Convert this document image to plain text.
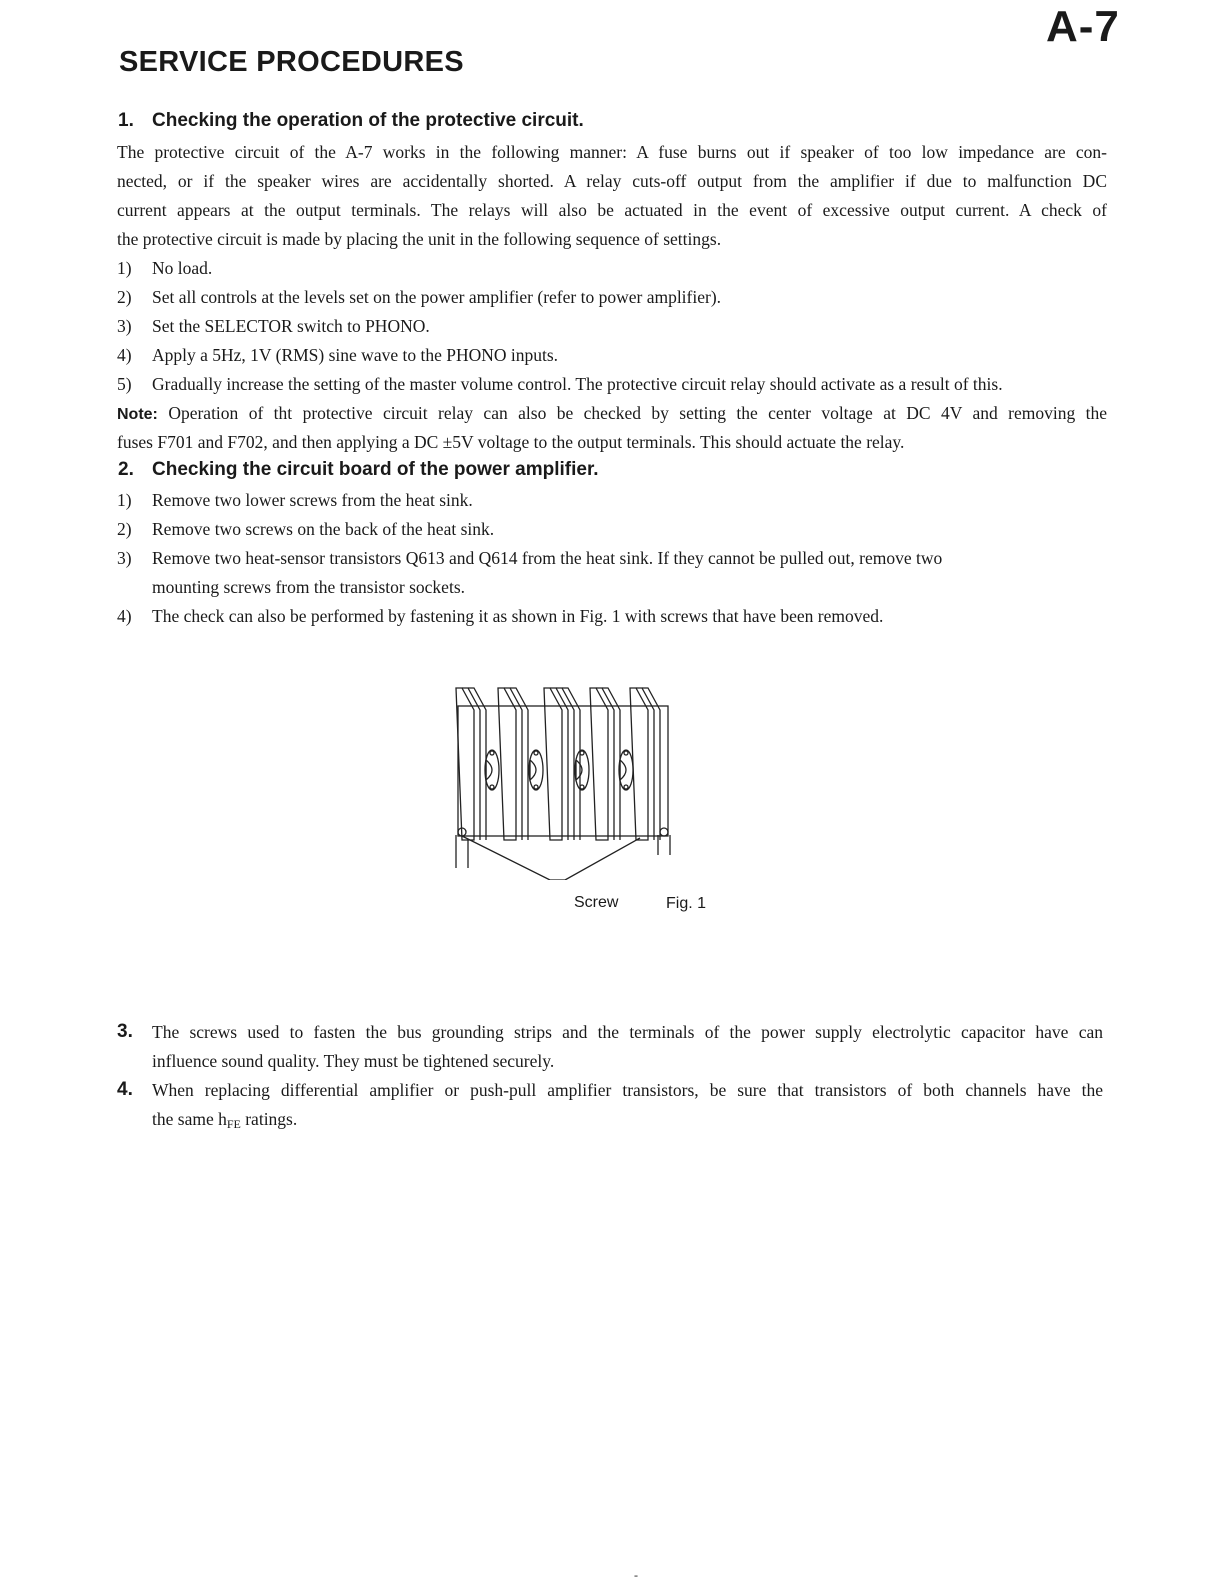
A-7
SERVICE PROCEDURES
1. Checking the operation of the protective circuit.
The protective circuit of the A-7 works in the following manner: A fuse burns out if speaker of too low impedance are con-
nected, or if the speaker wires are accidentally shorted. A relay cuts-off output from the amplifier if due to malfunction DC
current appears at the output terminals. The relays will also be actuated in the event of excessive output current. A check of
the protective circuit is made by placing the unit in the following sequence of settings.
1) No load.
2) Set all controls at the levels set on the power amplifier (refer to power amplifier).
3) Set the SELECTOR switch to PHONO.
4) Apply a 5Hz, 1V (RMS) sine wave to the PHONO inputs.
5) Gradually increase the setting of the master volume control. The protective circuit relay should activate as a result of this.
Note: Operation of tht protective circuit relay can also be checked by setting the center voltage at DC 4V and removing the
fuses F701 and F702, and then applying a DC ±5V voltage to the output terminals. This should actuate the relay.
2. Checking the circuit board of the power amplifier.
1) Remove two lower screws from the heat sink.
2) Remove two screws on the back of the heat sink.
3) Remove two heat-sensor transistors Q613 and Q614 from the heat sink. If they cannot be pulled out, remove two
mounting screws from the transistor sockets.
4) The check can also be performed by fastening it as shown in Fig. 1 with screws that have been removed.
Screw	Fig. 1
3. The screws used to fasten the bus grounding strips and the terminals of the power supply electrolytic capacitor have can
influence sound quality. They must be tightened securely.
4. When replacing differential amplifier or push-pull amplifier transistors, be sure that transistors of both channels have the
the same hFE ratings.
-
